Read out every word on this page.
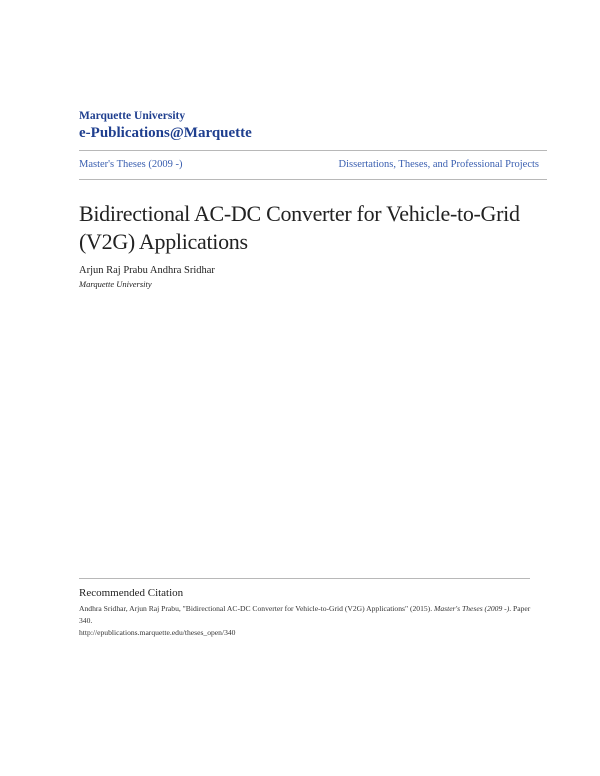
Marquette University
e-Publications@Marquette
Master's Theses (2009 -)	Dissertations, Theses, and Professional Projects
Bidirectional AC-DC Converter for Vehicle-to-Grid (V2G) Applications
Arjun Raj Prabu Andhra Sridhar
Marquette University
Recommended Citation
Andhra Sridhar, Arjun Raj Prabu, "Bidirectional AC-DC Converter for Vehicle-to-Grid (V2G) Applications" (2015). Master's Theses (2009 -). Paper 340.
http://epublications.marquette.edu/theses_open/340
